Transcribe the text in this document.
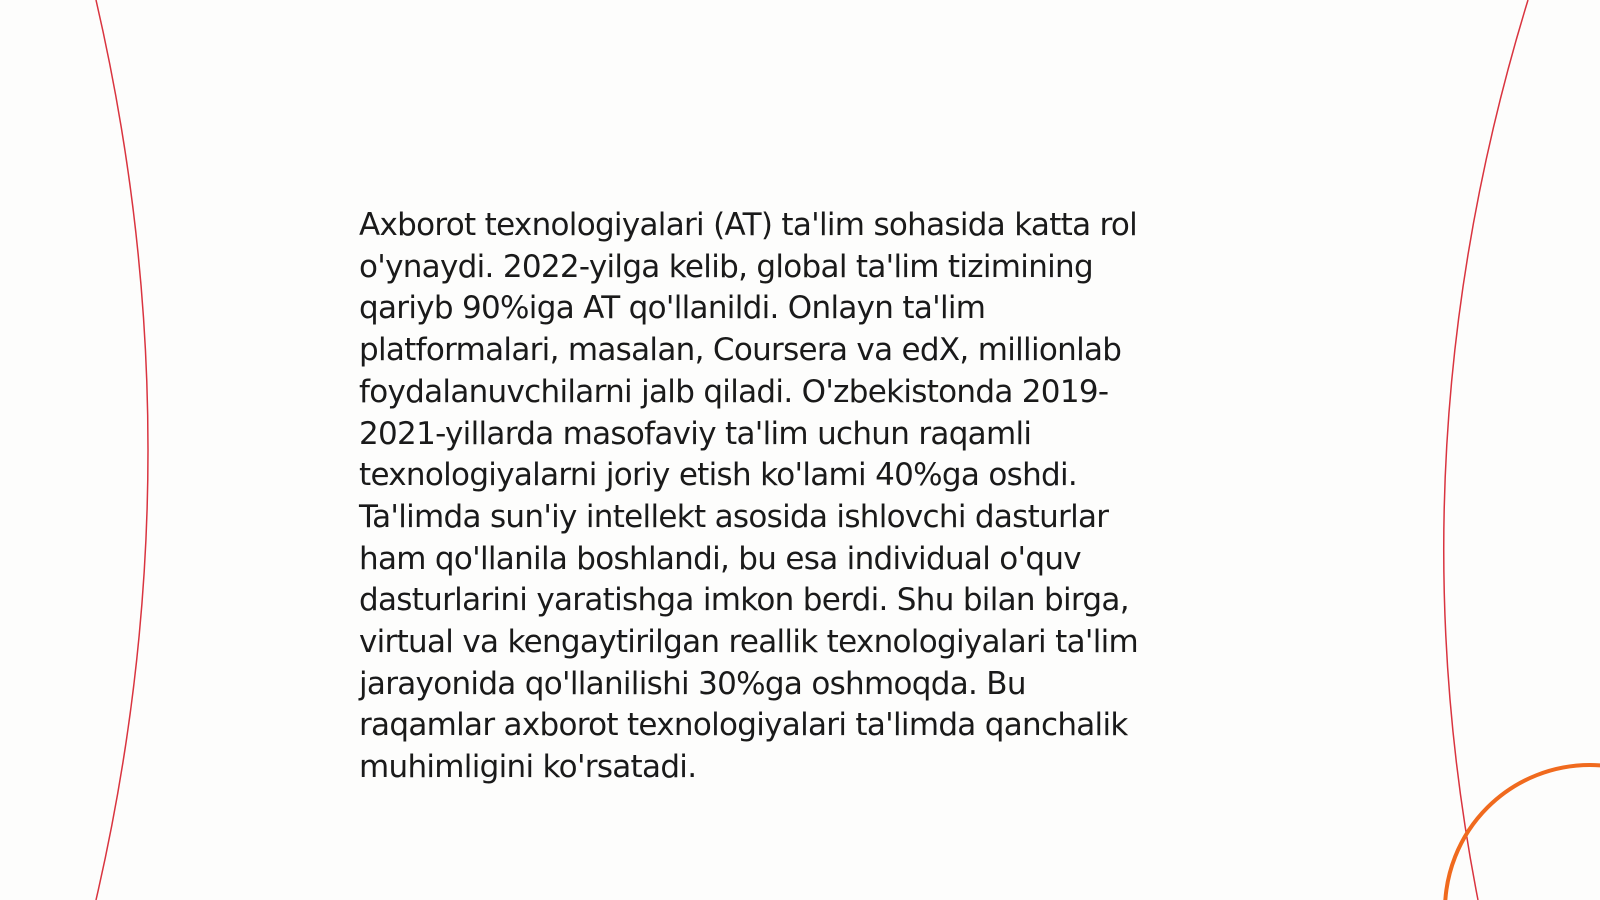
Axborot texnologiyalari (AT) ta'lim sohasida katta rol
o'ynaydi. 2022-yilga kelib, global ta'lim tizimining
qariyb 90%iga AT qo'llanildi. Onlayn ta'lim
platformalari, masalan, Coursera va edX, millionlab
foydalanuvchilarni jalb qiladi. O'zbekistonda 2019-
2021-yillarda masofaviy ta'lim uchun raqamli
texnologiyalarni joriy etish ko'lami 40%ga oshdi.
Ta'limda sun'iy intellekt asosida ishlovchi dasturlar
ham qo'llanila boshlandi, bu esa individual o'quv
dasturlarini yaratishga imkon berdi. Shu bilan birga,
virtual va kengaytirilgan reallik texnologiyalari ta'lim
jarayonida qo'llanilishi 30%ga oshmoqda. Bu
raqamlar axborot texnologiyalari ta'limda qanchalik
muhimligini ko'rsatadi.
